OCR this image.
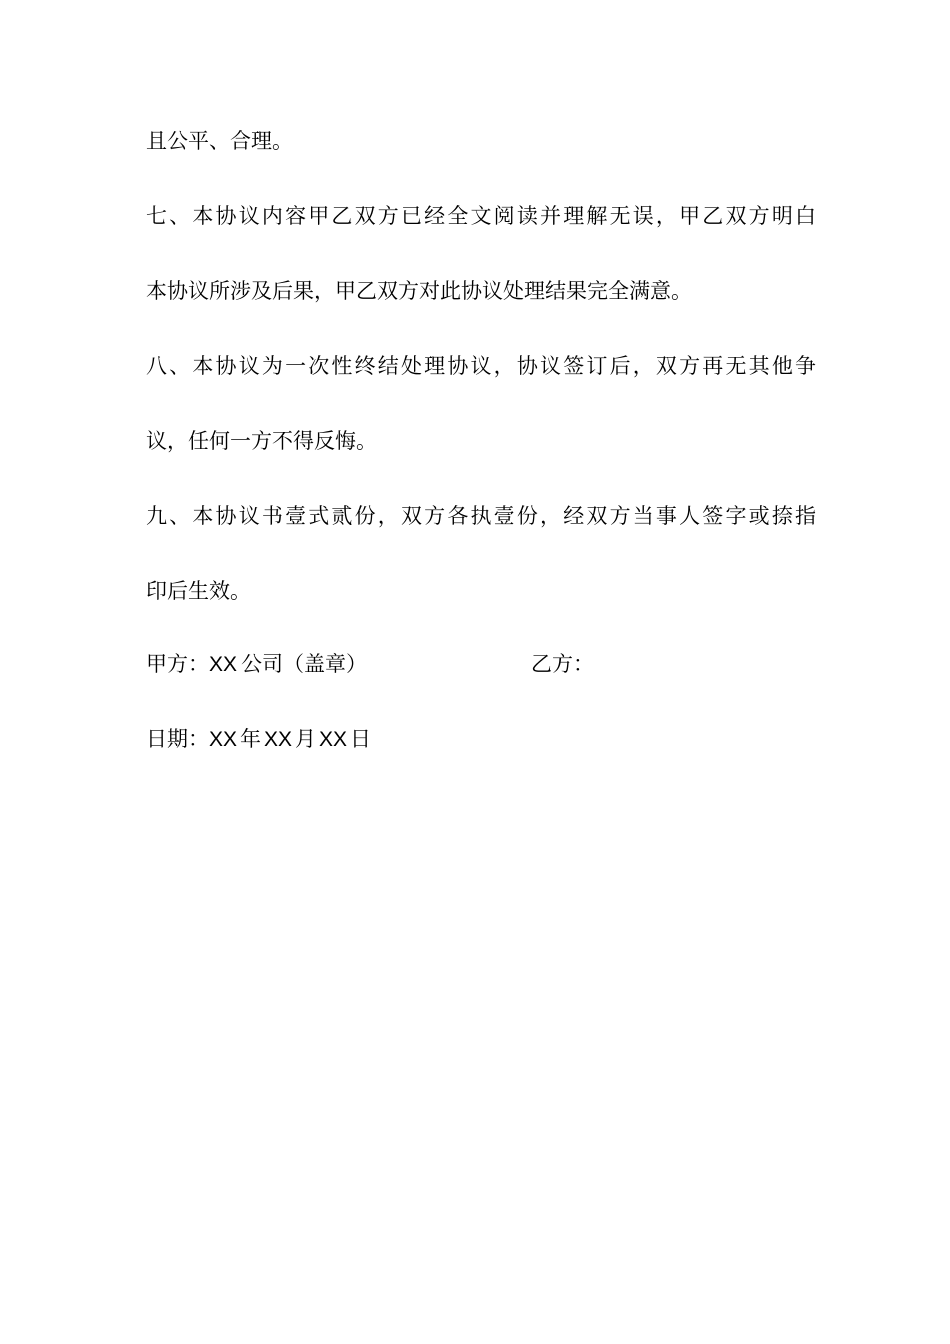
且公平、合理。
七、本协议内容甲乙双方已经全文阅读并理解无误，甲乙双方明白
本协议所涉及后果，甲乙双方对此协议处理结果完全满意。
八、本协议为一次性终结处理协议，协议签订后，双方再无其他争
议，任何一方不得反悔。
九、本协议书壹式贰份，双方各执壹份，经双方当事人签字或捺指
印后生效。
甲方：XX 公司（盖章）	乙方：
日期：XX 年 XX 月 XX 日
